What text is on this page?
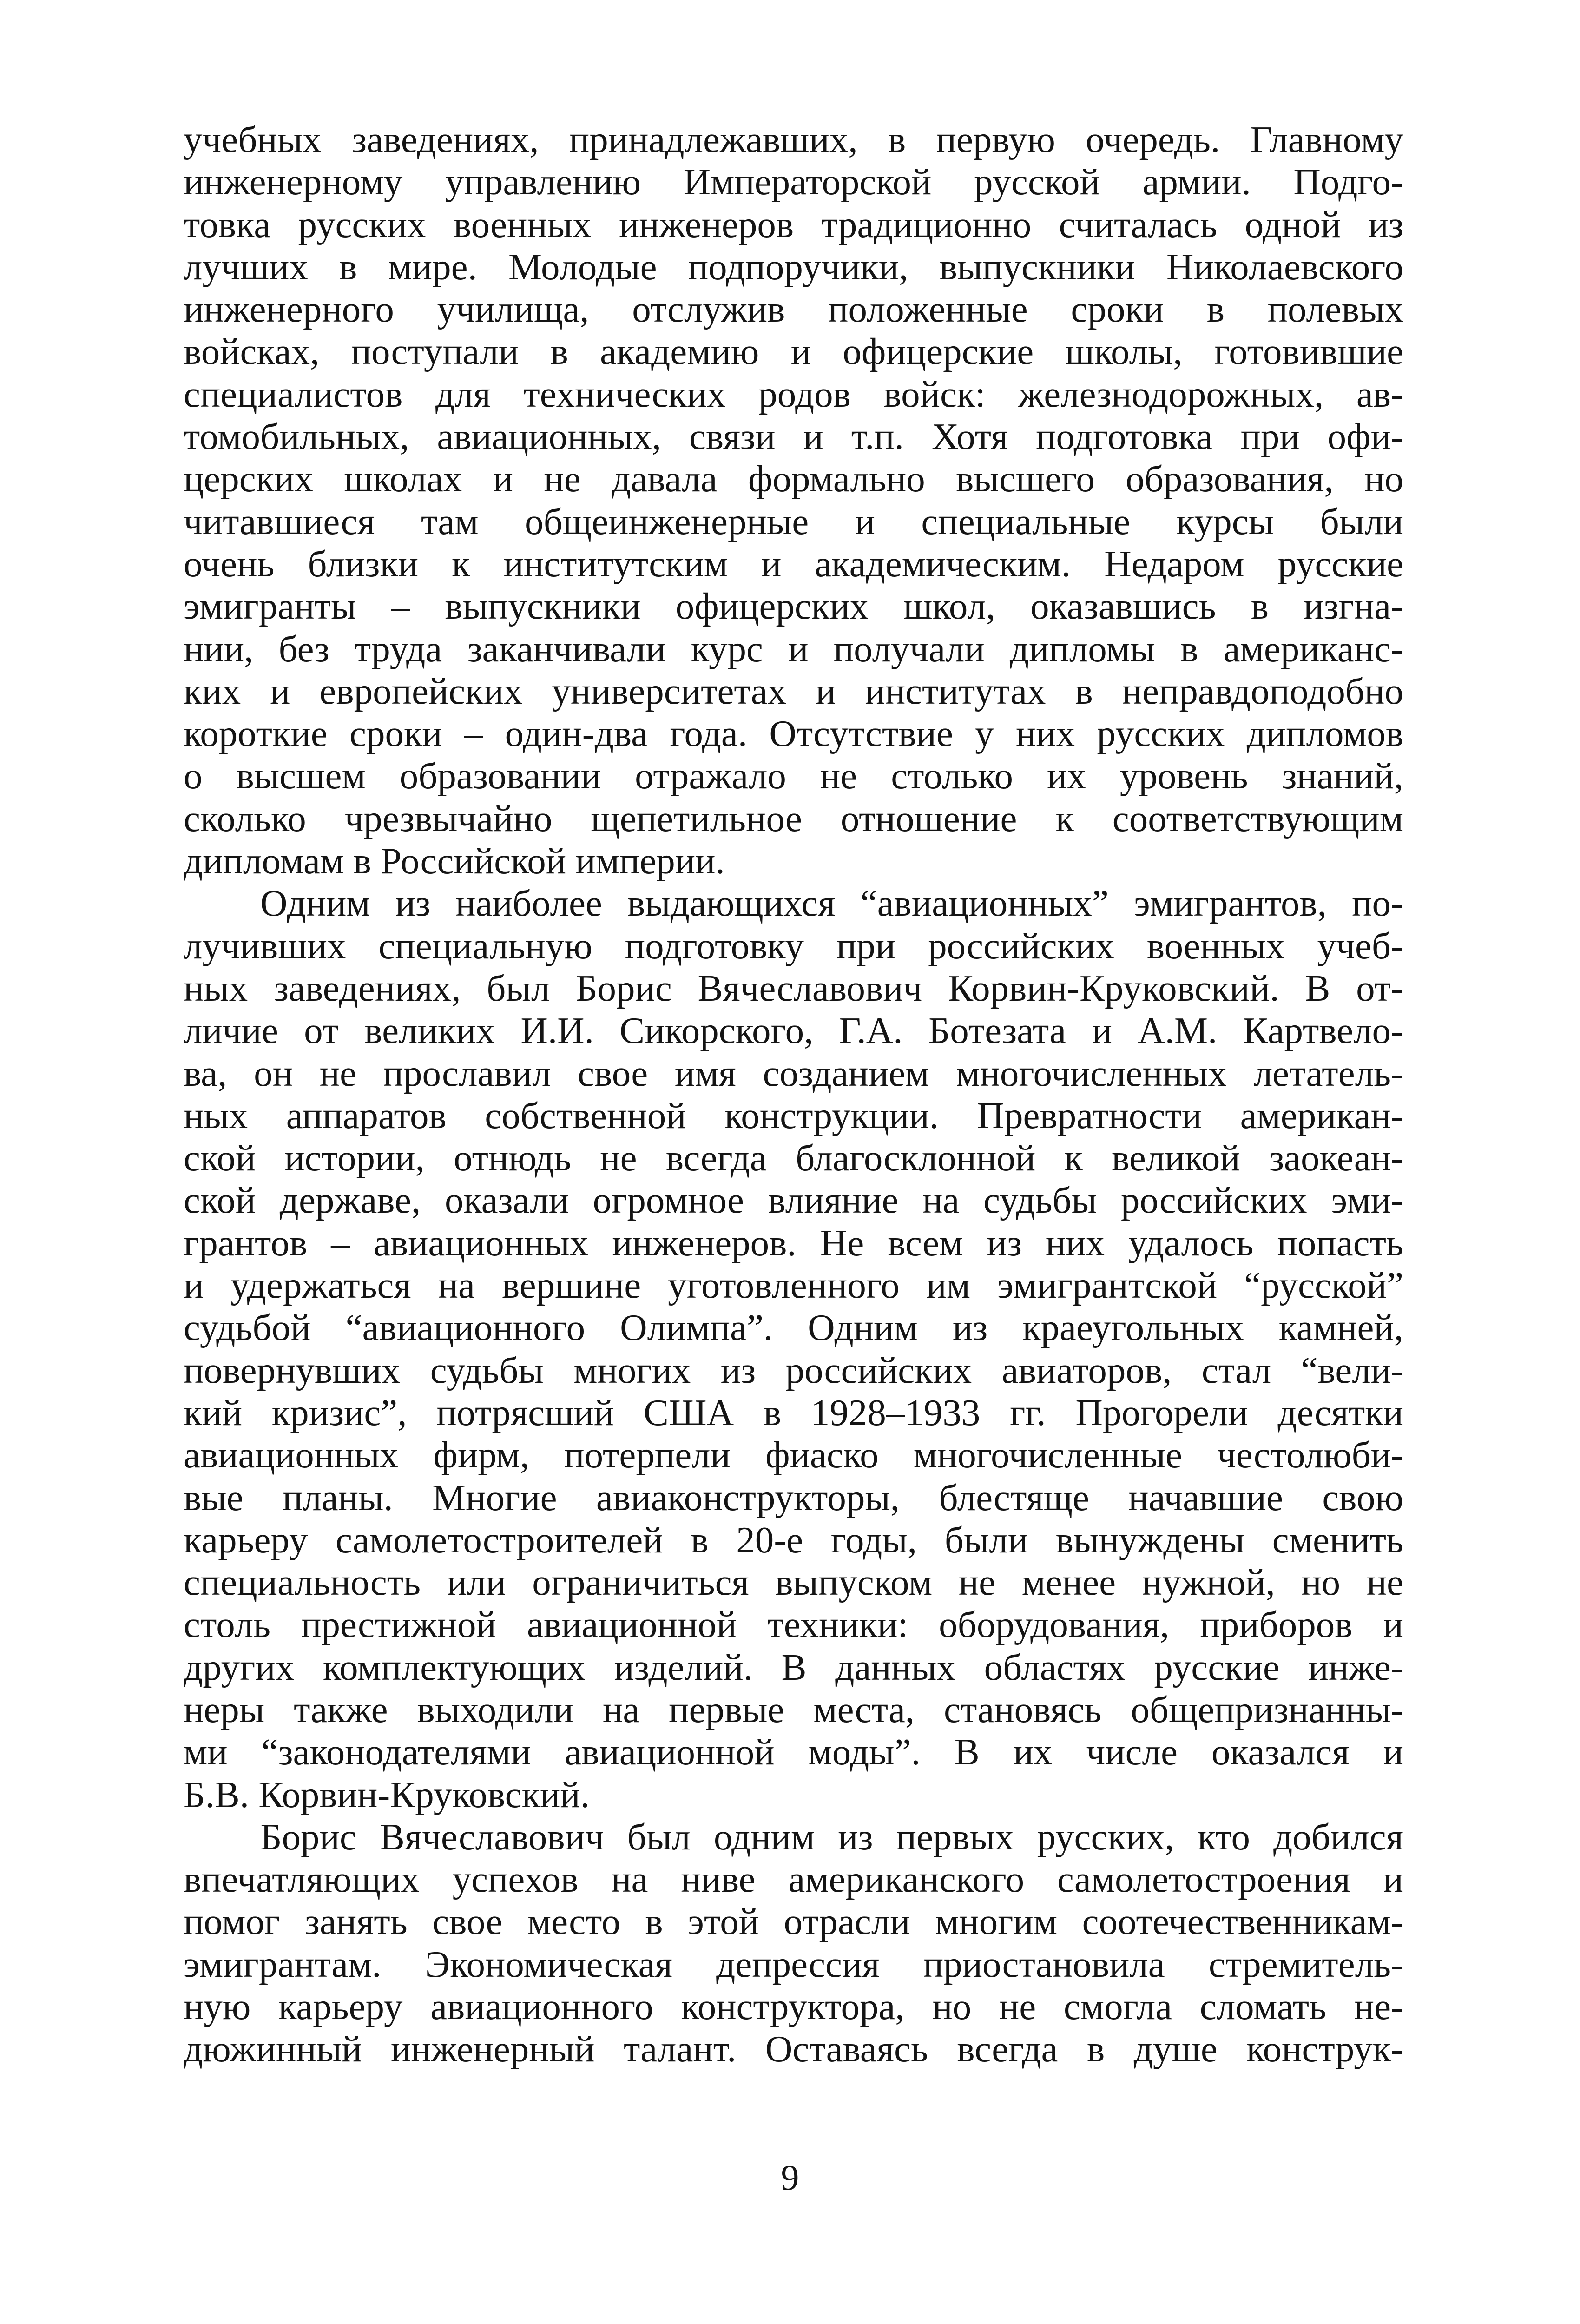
учебных заведениях, принадлежавших, в первую очередь. Главному
инженерному управлению Императорской русской армии. Подго-
товка русских военных инженеров традиционно считалась одной из
лучших в мире. Молодые подпоручики, выпускники Николаевского
инженерного училища, отслужив положенные сроки в полевых
войсках, поступали в академию и офицерские школы, готовившие
специалистов для технических родов войск: железнодорожных, ав-
томобильных, авиационных, связи и т.п. Хотя подготовка при офи-
церских школах и не давала формально высшего образования, но
читавшиеся там общеинженерные и специальные курсы были
очень близки к институтским и академическим. Недаром русские
эмигранты – выпускники офицерских школ, оказавшись в изгна-
нии, без труда заканчивали курс и получали дипломы в американс-
ких и европейских университетах и институтах в неправдоподобно
короткие сроки – один-два года. Отсутствие у них русских дипломов
о высшем образовании отражало не столько их уровень знаний,
сколько чрезвычайно щепетильное отношение к соответствующим
дипломам в Российской империи.
Одним из наиболее выдающихся “авиационных” эмигрантов, по-
лучивших специальную подготовку при российских военных учеб-
ных заведениях, был Борис Вячеславович Корвин-Круковский. В от-
личие от великих И.И. Сикорского, Г.А. Ботезата и А.М. Картвело-
ва, он не прославил свое имя созданием многочисленных летатель-
ных аппаратов собственной конструкции. Превратности американ-
ской истории, отнюдь не всегда благосклонной к великой заокеан-
ской державе, оказали огромное влияние на судьбы российских эми-
грантов – авиационных инженеров. Не всем из них удалось попасть
и удержаться на вершине уготовленного им эмигрантской “русской”
судьбой “авиационного Олимпа”. Одним из краеугольных камней,
повернувших судьбы многих из российских авиаторов, стал “вели-
кий кризис”, потрясший США в 1928–1933 гг. Прогорели десятки
авиационных фирм, потерпели фиаско многочисленные честолюби-
вые планы. Многие авиаконструкторы, блестяще начавшие свою
карьеру самолетостроителей в 20-е годы, были вынуждены сменить
специальность или ограничиться выпуском не менее нужной, но не
столь престижной авиационной техники: оборудования, приборов и
других комплектующих изделий. В данных областях русские инже-
неры также выходили на первые места, становясь общепризнанны-
ми “законодателями авиационной моды”. В их числе оказался и
Б.В. Корвин-Круковский.
Борис Вячеславович был одним из первых русских, кто добился
впечатляющих успехов на ниве американского самолетостроения и
помог занять свое место в этой отрасли многим соотечественникам-
эмигрантам. Экономическая депрессия приостановила стремитель-
ную карьеру авиационного конструктора, но не смогла сломать не-
дюжинный инженерный талант. Оставаясь всегда в душе конструк-
9
